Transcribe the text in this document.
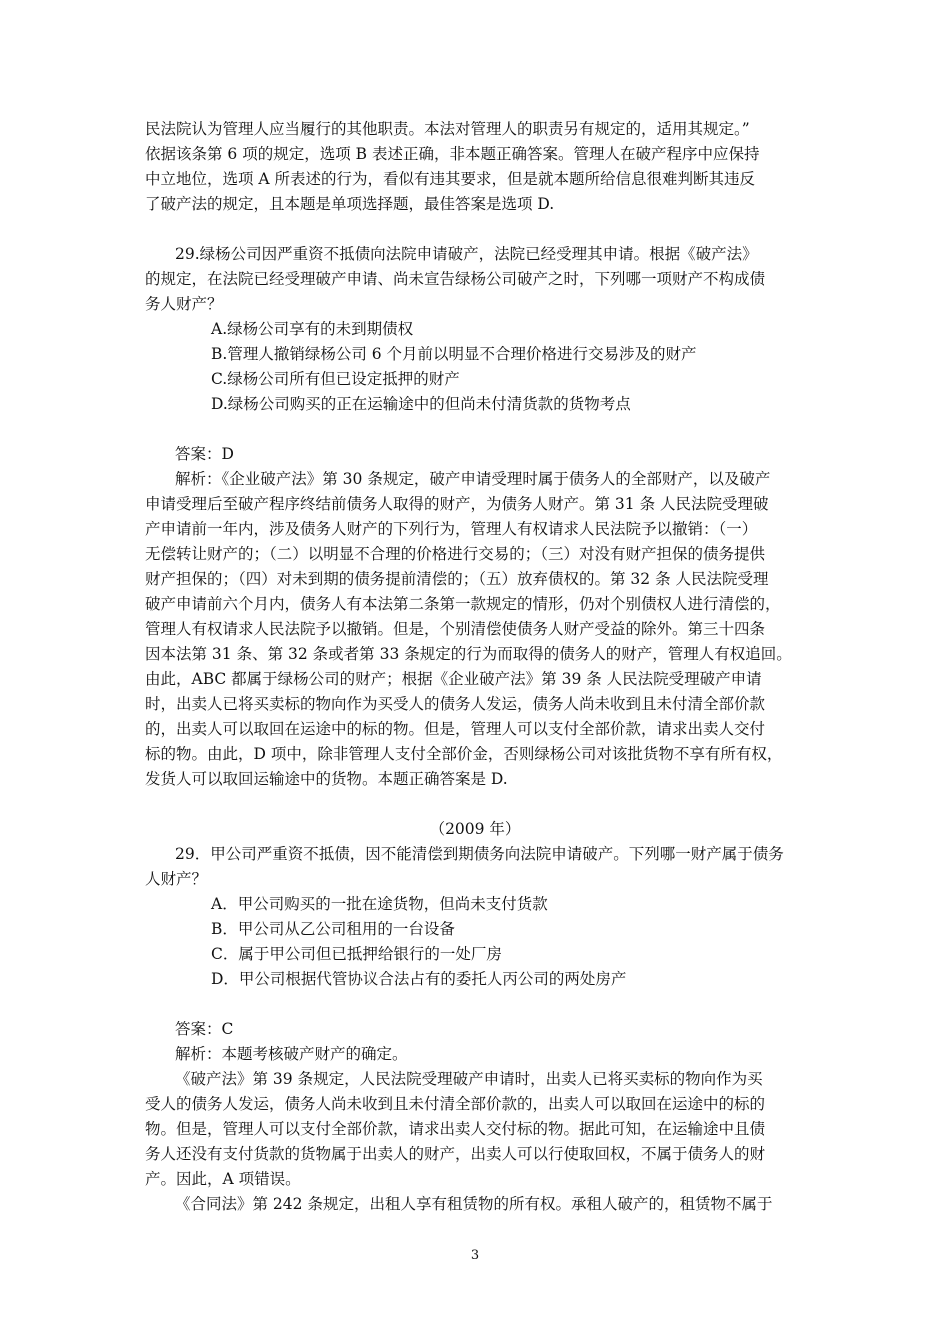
民法院认为管理人应当履行的其他职责。本法对管理人的职责另有规定的，适用其规定。”
依据该条第 6 项的规定，选项 B 表述正确，非本题正确答案。管理人在破产程序中应保持
中立地位，选项 A 所表述的行为，看似有违其要求，但是就本题所给信息很难判断其违反
了破产法的规定，且本题是单项选择题，最佳答案是选项 D.
29.绿杨公司因严重资不抵债向法院申请破产，法院已经受理其申请。根据《破产法》
的规定，在法院已经受理破产申请、尚未宣告绿杨公司破产之时，下列哪一项财产不构成债
务人财产？
A.绿杨公司享有的未到期债权
B.管理人撤销绿杨公司 6 个月前以明显不合理价格进行交易涉及的财产
C.绿杨公司所有但已设定抵押的财产
D.绿杨公司购买的正在运输途中的但尚未付清货款的货物考点
答案：D
解析：《企业破产法》第 30 条规定，破产申请受理时属于债务人的全部财产，以及破产
申请受理后至破产程序终结前债务人取得的财产，为债务人财产。第 31 条 人民法院受理破
产申请前一年内，涉及债务人财产的下列行为，管理人有权请求人民法院予以撤销：（一）
无偿转让财产的；（二）以明显不合理的价格进行交易的；（三）对没有财产担保的债务提供
财产担保的；（四）对未到期的债务提前清偿的；（五）放弃债权的。第 32 条 人民法院受理
破产申请前六个月内，债务人有本法第二条第一款规定的情形，仍对个别债权人进行清偿的，
管理人有权请求人民法院予以撤销。但是，个别清偿使债务人财产受益的除外。第三十四条
因本法第 31 条、第 32 条或者第 33 条规定的行为而取得的债务人的财产，管理人有权追回。
由此，ABC 都属于绿杨公司的财产；根据《企业破产法》第 39 条 人民法院受理破产申请
时，出卖人已将买卖标的物向作为买受人的债务人发运，债务人尚未收到且未付清全部价款
的，出卖人可以取回在运途中的标的物。但是，管理人可以支付全部价款，请求出卖人交付
标的物。由此，D 项中，除非管理人支付全部价金，否则绿杨公司对该批货物不享有所有权，
发货人可以取回运输途中的货物。本题正确答案是 D.
（2009 年）
29．甲公司严重资不抵债，因不能清偿到期债务向法院申请破产。下列哪一财产属于债务
人财产？
A．甲公司购买的一批在途货物，但尚未支付货款
B．甲公司从乙公司租用的一台设备
C．属于甲公司但已抵押给银行的一处厂房
D．甲公司根据代管协议合法占有的委托人丙公司的两处房产
答案：C
解析：本题考核破产财产的确定。
《破产法》第 39 条规定，人民法院受理破产申请时，出卖人已将买卖标的物向作为买
受人的债务人发运，债务人尚未收到且未付清全部价款的，出卖人可以取回在运途中的标的
物。但是，管理人可以支付全部价款，请求出卖人交付标的物。据此可知，在运输途中且债
务人还没有支付货款的货物属于出卖人的财产，出卖人可以行使取回权，不属于债务人的财
产。因此，A 项错误。
《合同法》第 242 条规定，出租人享有租赁物的所有权。承租人破产的，租赁物不属于
3
